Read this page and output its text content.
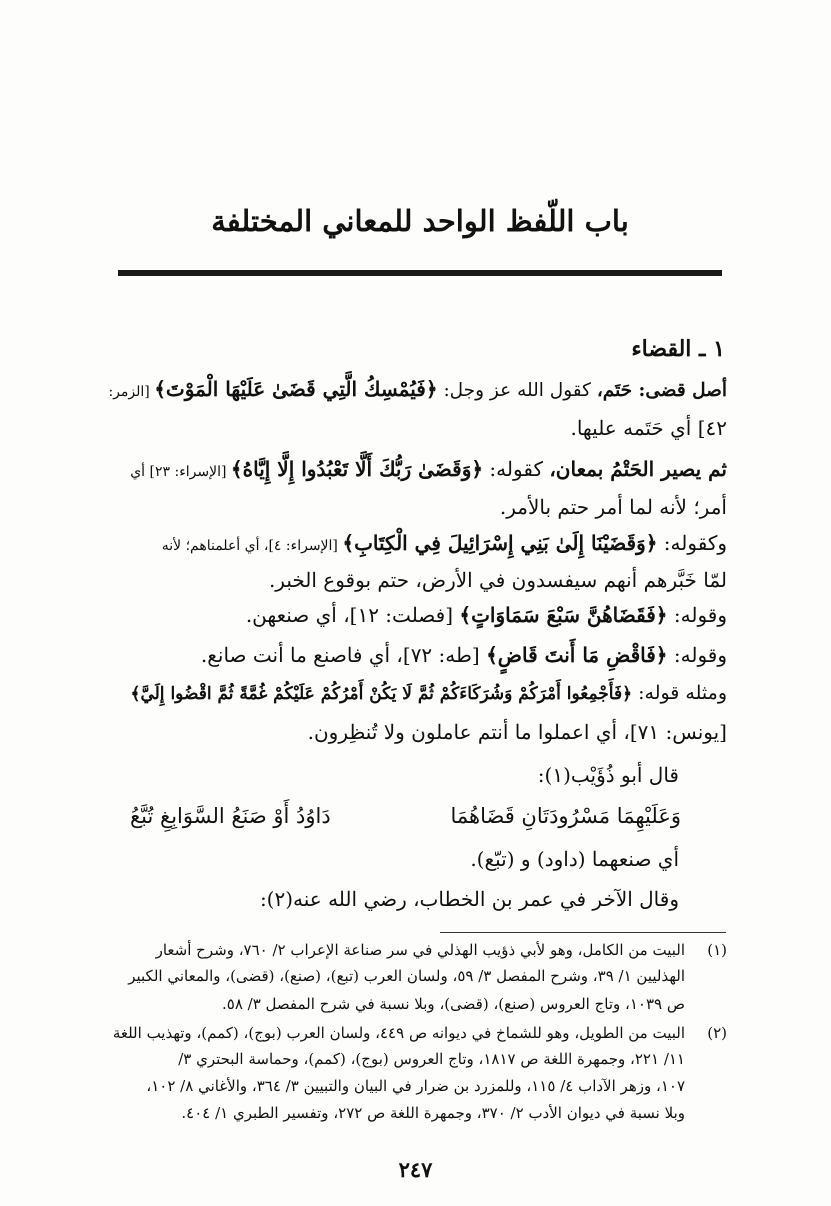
باب اللّفظ الواحد للمعاني المختلفة
١ ـ القضاء
أصل قضى: حَتَم، كقول الله عز وجل: ﴿فَيُمْسِكُ الَّتِي قَضَىٰ عَلَيْهَا الْمَوْتَ﴾ [الزمر:
٤٢] أي حَتَمه عليها.
ثم يصير الحَتْمُ بمعان، كقوله: ﴿وَقَضَىٰ رَبُّكَ أَلَّا تَعْبُدُوا إِلَّا إِيَّاهُ﴾ [الإسراء: ٢٣] أي
أمر؛ لأنه لما أمر حتم بالأمر.
وكقوله: ﴿وَقَضَيْنَا إِلَىٰ بَنِي إِسْرَائِيلَ فِي الْكِتَابِ﴾ [الإسراء: ٤]، أي أعلمناهم؛ لأنه
لمّا خَبَّرهم أنهم سيفسدون في الأرض، حتم بوقوع الخبر.
وقوله: ﴿فَقَضَاهُنَّ سَبْعَ سَمَاوَاتٍ﴾ [فصلت: ١٢]، أي صنعهن.
وقوله: ﴿فَاقْضِ مَا أَنتَ قَاضٍ﴾ [طه: ٧٢]، أي فاصنع ما أنت صانع.
ومثله قوله: ﴿فَأَجْمِعُوا أَمْرَكُمْ وَشُرَكَاءَكُمْ ثُمَّ لَا يَكُنْ أَمْرُكُمْ عَلَيْكُمْ غُمَّةً ثُمَّ اقْضُوا إِلَيَّ﴾
[يونس: ٧١]، أي اعملوا ما أنتم عاملون ولا تُنظِرون.
قال أبو ذُؤَيْب(١):
وَعَلَيْهِمَا مَسْرُودَتَانِ قَضَاهُمَا
دَاوُدُ أَوْ صَنَعُ السَّوَابِغِ تُبَّعُ
أي صنعهما (داود) و (تبّع).
وقال الآخر في عمر بن الخطاب، رضي الله عنه(٢):
(١)
البيت من الكامل، وهو لأبي ذؤيب الهذلي في سر صناعة الإعراب ٢/ ٧٦٠، وشرح أشعار
الهذليين ١/ ٣٩، وشرح المفصل ٣/ ٥٩، ولسان العرب (تبع)، (صنع)، (قضى)، والمعاني الكبير
ص ١٠٣٩، وتاج العروس (صنع)، (قضى)، وبلا نسبة في شرح المفصل ٣/ ٥٨.
(٢)
البيت من الطويل، وهو للشماخ في ديوانه ص ٤٤٩، ولسان العرب (بوج)، (كمم)، وتهذيب اللغة
١١/ ٢٢١، وجمهرة اللغة ص ١٨١٧، وتاج العروس (بوج)، (كمم)، وحماسة البحتري ٣/
١٠٧، وزهر الآداب ٤/ ١١٥، وللمزرد بن ضرار في البيان والتبيين ٣/ ٣٦٤، والأغاني ٨/ ١٠٢،
وبلا نسبة في ديوان الأدب ٢/ ٣٧٠، وجمهرة اللغة ص ٢٧٢، وتفسير الطبري ١/ ٤٠٤.
٢٤٧
